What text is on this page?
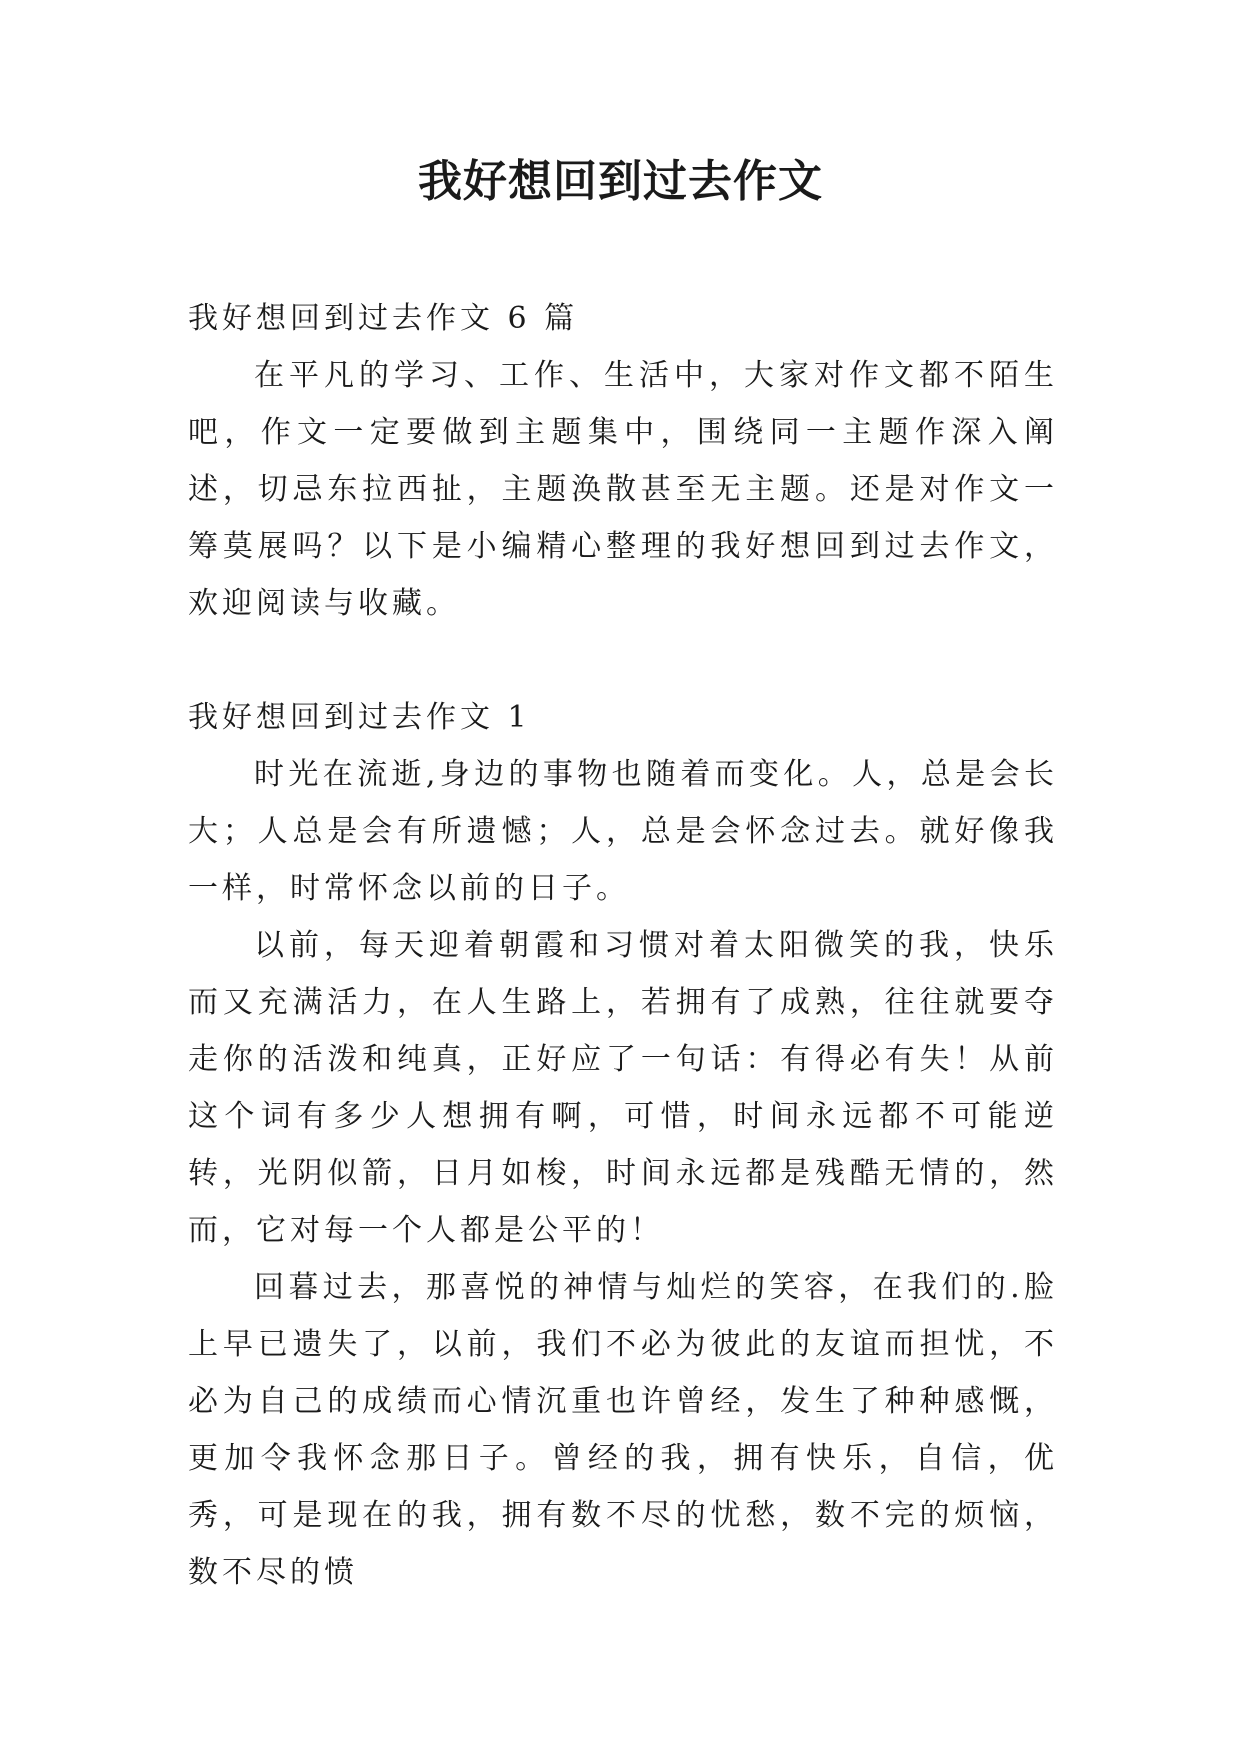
我好想回到过去作文
我好想回到过去作文 6 篇

在平凡的学习、工作、生活中，大家对作文都不陌生吧，作文一定要做到主题集中，围绕同一主题作深入阐述，切忌东拉西扯，主题涣散甚至无主题。还是对作文一筹莫展吗？以下是小编精心整理的我好想回到过去作文，欢迎阅读与收藏。

我好想回到过去作文 1

时光在流逝,身边的事物也随着而变化。人，总是会长大；人总是会有所遗憾；人，总是会怀念过去。就好像我一样，时常怀念以前的日子。

以前，每天迎着朝霞和习惯对着太阳微笑的我，快乐而又充满活力，在人生路上，若拥有了成熟，往往就要夺走你的活泼和纯真，正好应了一句话：有得必有失！从前这个词有多少人想拥有啊，可惜，时间永远都不可能逆转，光阴似箭，日月如梭，时间永远都是残酷无情的，然而，它对每一个人都是公平的！

回暮过去，那喜悦的神情与灿烂的笑容，在我们的.脸上早已遗失了，以前，我们不必为彼此的友谊而担忧，不必为自己的成绩而心情沉重也许曾经，发生了种种感慨，更加令我怀念那日子。曾经的我，拥有快乐，自信，优秀，可是现在的我，拥有数不尽的忧愁，数不完的烦恼，数不尽的愤
